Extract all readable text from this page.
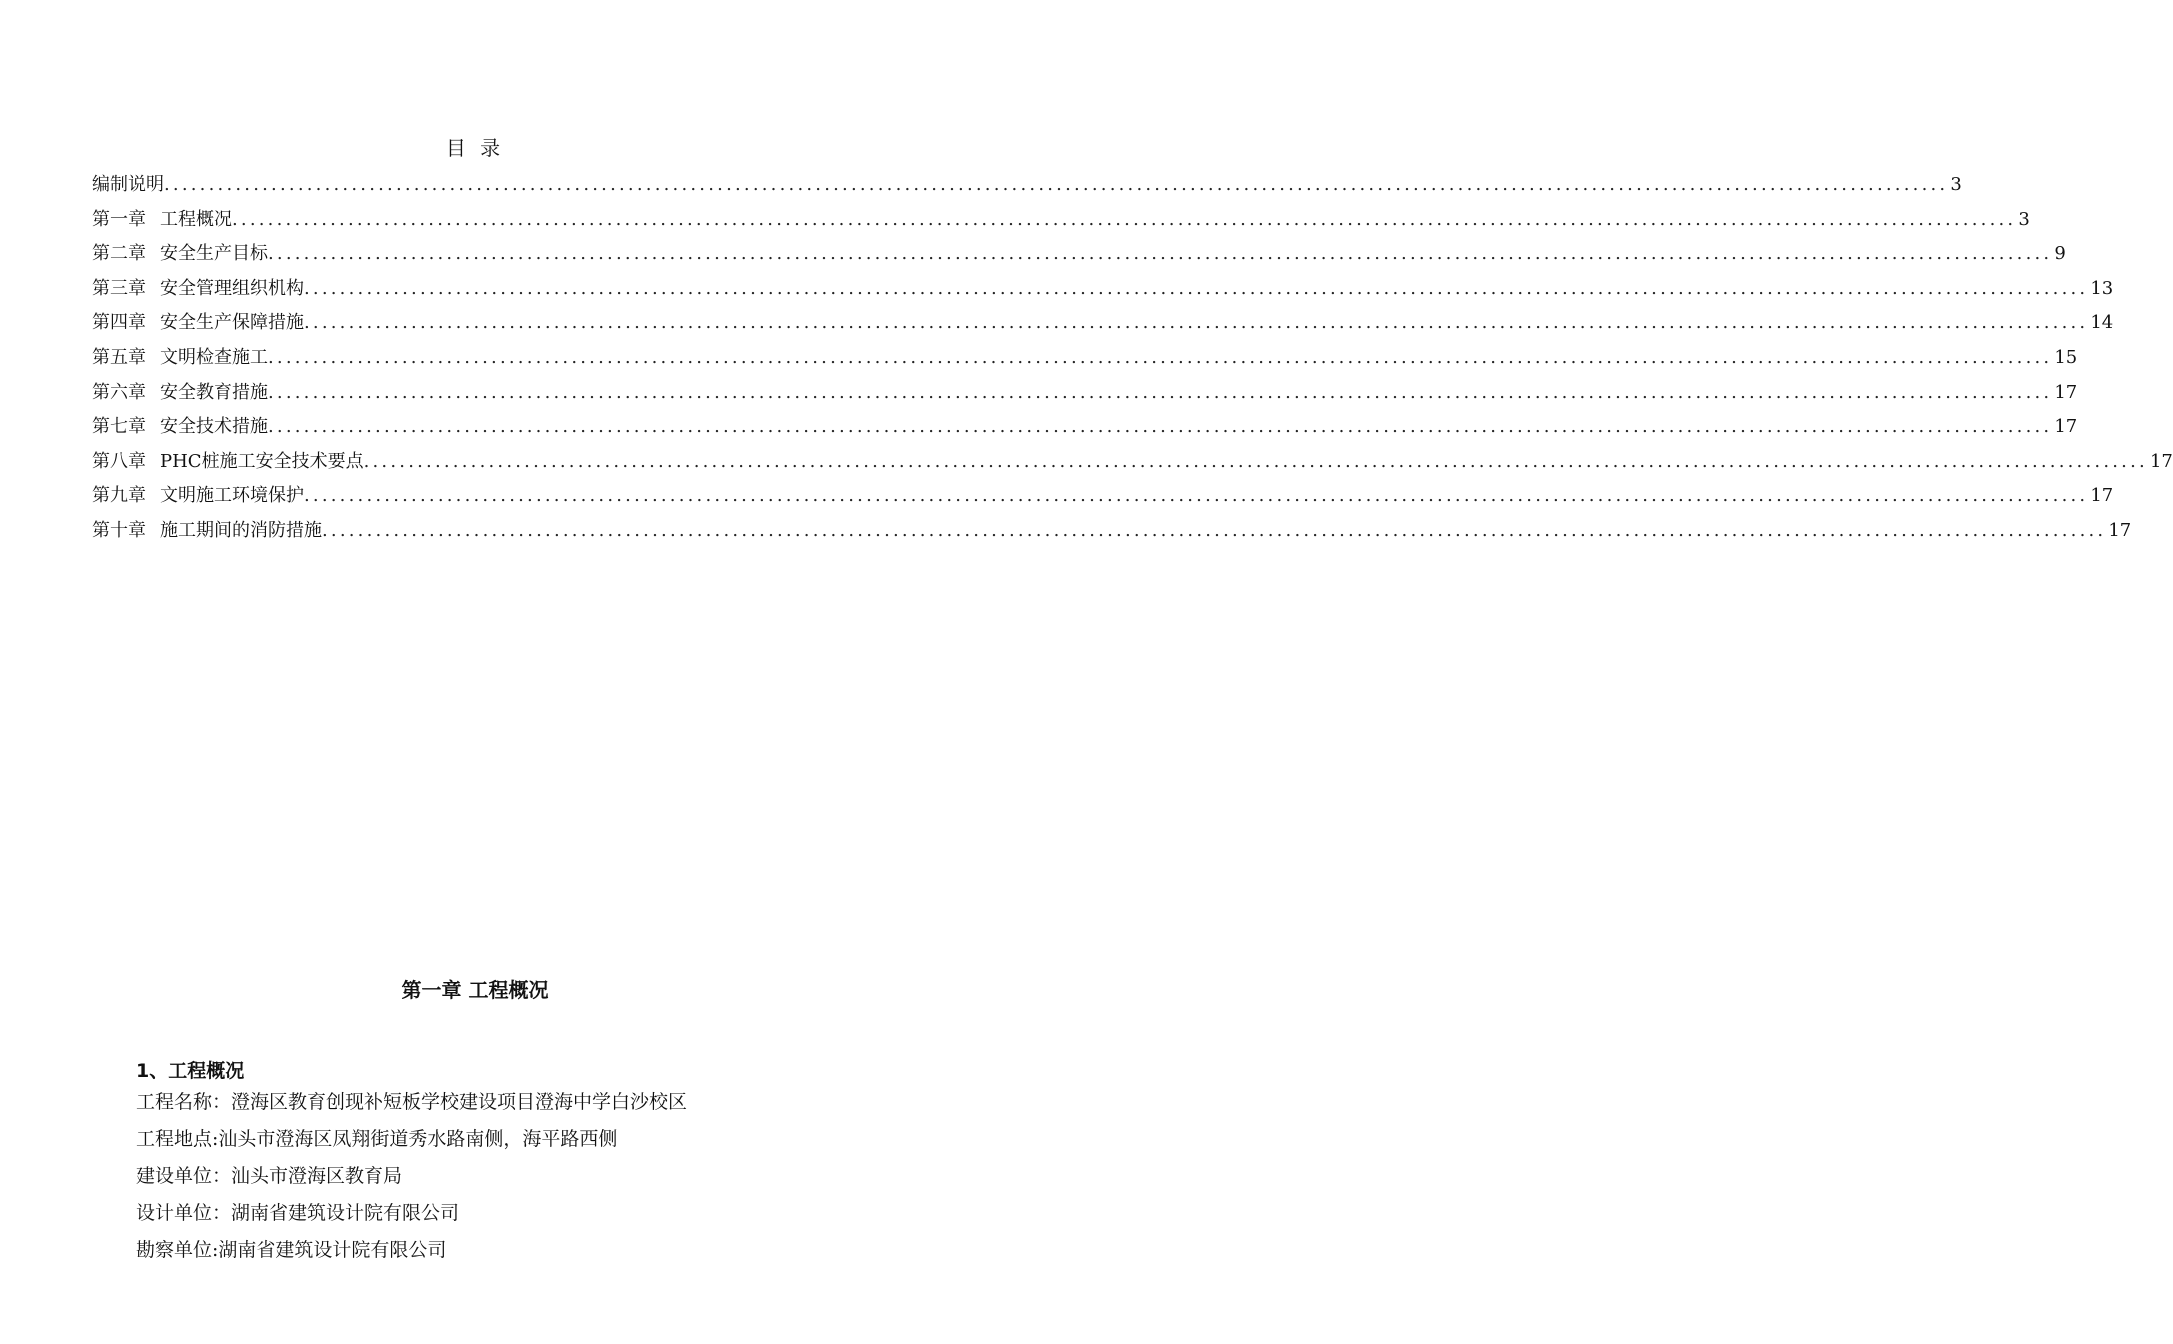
目 录
编制说明 ........................................................................................................................................................................................................ 3
第一章 工程概况 ........................................................................................................................................................................................................ 3
第二章 安全生产目标 ........................................................................................................................................................................................................ 9
第三章 安全管理组织机构 ........................................................................................................................................................................................................ 13
第四章 安全生产保障措施 ........................................................................................................................................................................................................ 14
第五章 文明检查施工 ........................................................................................................................................................................................................ 15
第六章 安全教育措施 ........................................................................................................................................................................................................ 17
第七章 安全技术措施 ........................................................................................................................................................................................................ 17
第八章 PHC桩施工安全技术要点 ........................................................................................................................................................................................................ 17
第九章 文明施工环境保护 ........................................................................................................................................................................................................ 17
第十章 施工期间的消防措施 ........................................................................................................................................................................................................ 17
第一章 工程概况
1、工程概况
工程名称：澄海区教育创现补短板学校建设项目澄海中学白沙校区
工程地点:汕头市澄海区凤翔街道秀水路南侧，海平路西侧
建设单位：汕头市澄海区教育局
设计单位：湖南省建筑设计院有限公司
勘察单位:湖南省建筑设计院有限公司
